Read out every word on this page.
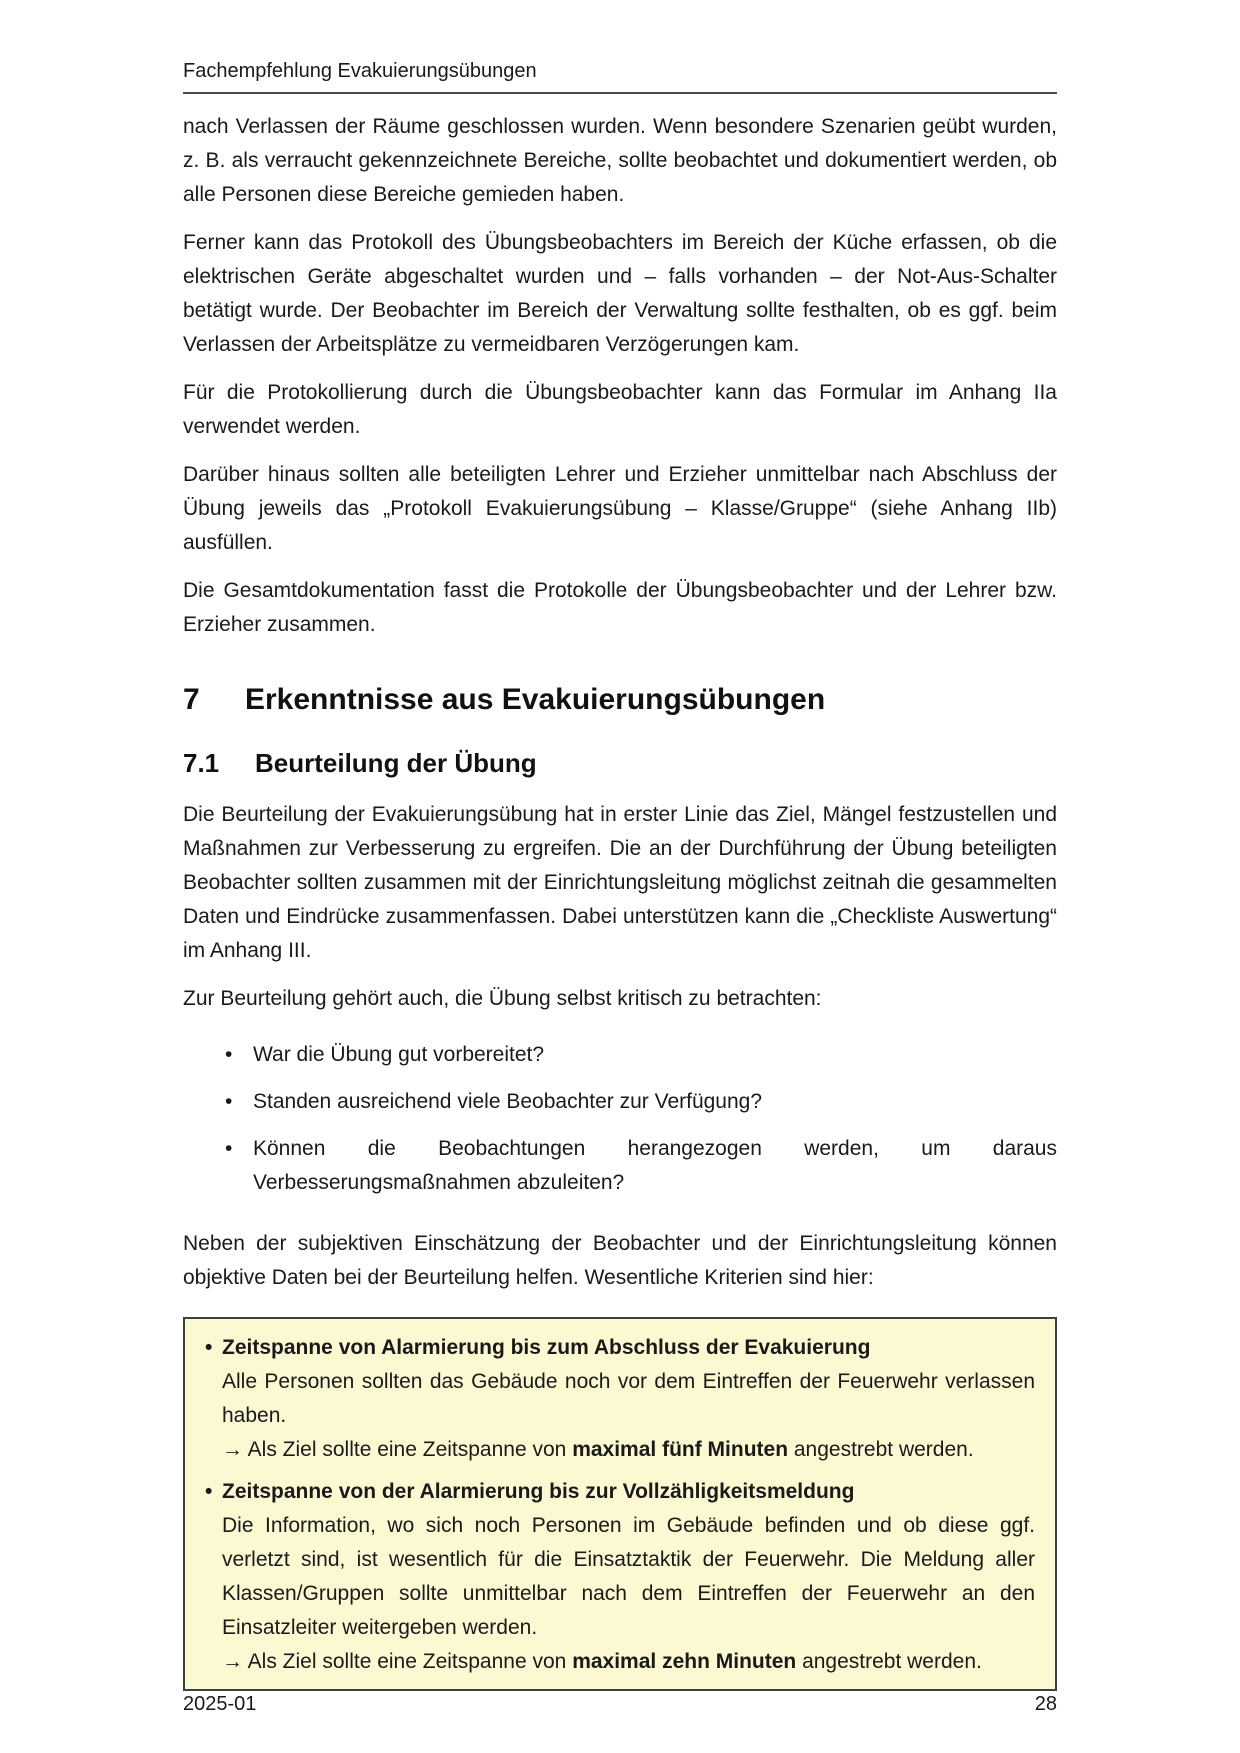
Fachempfehlung Evakuierungsübungen

nach Verlassen der Räume geschlossen wurden. Wenn besondere Szenarien geübt wurden, z. B. als verraucht gekennzeichnete Bereiche, sollte beobachtet und dokumentiert werden, ob alle Personen diese Bereiche gemieden haben.

Ferner kann das Protokoll des Übungsbeobachters im Bereich der Küche erfassen, ob die elektrischen Geräte abgeschaltet wurden und – falls vorhanden – der Not-Aus-Schalter betätigt wurde. Der Beobachter im Bereich der Verwaltung sollte festhalten, ob es ggf. beim Verlassen der Arbeitsplätze zu vermeidbaren Verzögerungen kam.

Für die Protokollierung durch die Übungsbeobachter kann das Formular im Anhang IIa verwendet werden.

Darüber hinaus sollten alle beteiligten Lehrer und Erzieher unmittelbar nach Abschluss der Übung jeweils das „Protokoll Evakuierungsübung – Klasse/Gruppe“ (siehe Anhang IIb) ausfüllen.

Die Gesamtdokumentation fasst die Protokolle der Übungsbeobachter und der Lehrer bzw. Erzieher zusammen.

7	Erkenntnisse aus Evakuierungsübungen
7.1	Beurteilung der Übung

Die Beurteilung der Evakuierungsübung hat in erster Linie das Ziel, Mängel festzustellen und Maßnahmen zur Verbesserung zu ergreifen. Die an der Durchführung der Übung beteiligten Beobachter sollten zusammen mit der Einrichtungsleitung möglichst zeitnah die gesammelten Daten und Eindrücke zusammenfassen. Dabei unterstützen kann die „Checkliste Auswertung“ im Anhang III.

Zur Beurteilung gehört auch, die Übung selbst kritisch zu betrachten:

• War die Übung gut vorbereitet?
• Standen ausreichend viele Beobachter zur Verfügung?
• Können die Beobachtungen herangezogen werden, um daraus Verbesserungsmaßnahmen abzuleiten?

Neben der subjektiven Einschätzung der Beobachter und der Einrichtungsleitung können objektive Daten bei der Beurteilung helfen. Wesentliche Kriterien sind hier:

• Zeitspanne von Alarmierung bis zum Abschluss der Evakuierung

Alle Personen sollten das Gebäude noch vor dem Eintreffen der Feuerwehr verlassen haben.

→ Als Ziel sollte eine Zeitspanne von maximal fünf Minuten angestrebt werden.

• Zeitspanne von der Alarmierung bis zur Vollzähligkeitsmeldung

Die Information, wo sich noch Personen im Gebäude befinden und ob diese ggf. verletzt sind, ist wesentlich für die Einsatztaktik der Feuerwehr. Die Meldung aller Klassen/Gruppen sollte unmittelbar nach dem Eintreffen der Feuerwehr an den Einsatzleiter weitergeben werden.

→ Als Ziel sollte eine Zeitspanne von maximal zehn Minuten angestrebt werden.

2025-01	28
